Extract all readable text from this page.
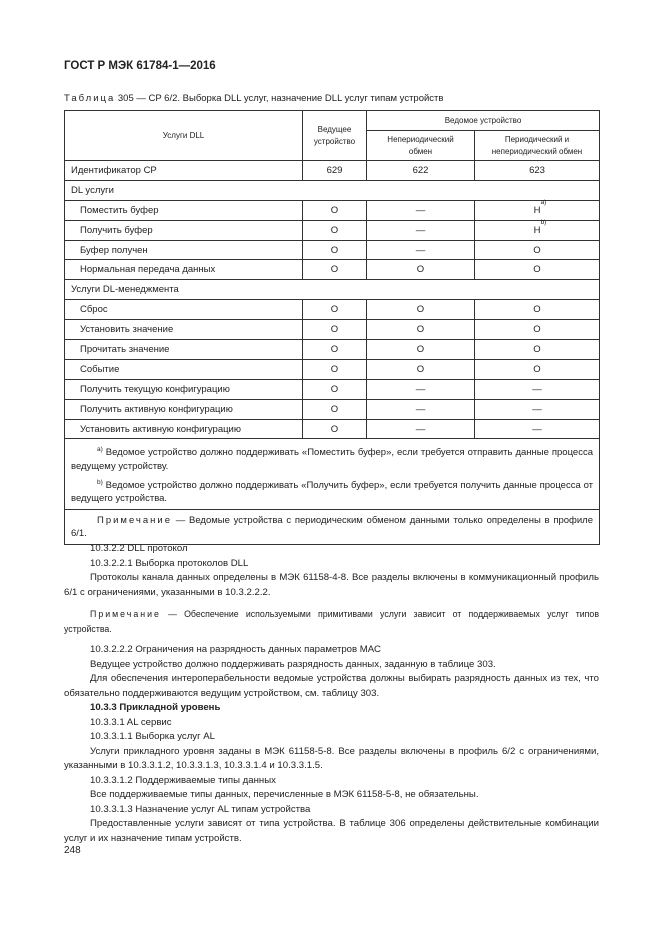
ГОСТ Р МЭК 61784-1—2016
Таблица 305 — CP 6/2. Выборка DLL услуг, назначение DLL услуг типам устройств
Услуги DLL	Ведущее устройство	Ведомое устройство	
		Непериодический обмен	Периодический и непериодический обмен
Идентификатор СР	629	622	623
DL услуги			
Поместить буфер	O	—	H
a)

Получить буфер	O	—	H
b)

Буфер получен	O	—	O
Нормальная передача данных	O	O	O
Услуги DL-менеджмента			
Сброс	O	O	O
Установить значение	O	O	O
Прочитать значение	O	O	O
Событие	O	O	O
Получить текущую конфигурацию	O	—	—
Получить активную конфигурацию	O	—	—
Установить активную конфигурацию	O	—	—

$^{a)}$ Ведомое устройство должно поддерживать «Поместить буфер», если требуется отправить данные процесса ведущему устройству.
$^{b)}$ Ведомое устройство должно поддерживать «Получить буфер», если требуется получить данные процесса от ведущего устройства.			

Примечание — Ведомые устройства с периодическим обменом данными только определены в профиле 6/1.			

10.3.2.2 DLL протокол

10.3.2.2.1 Выборка протоколов DLL

Протоколы канала данных определены в МЭК 61158-4-8. Все разделы включены в коммуникационный профиль 6/1 с ограничениями, указанными в 10.3.2.2.2.

Примечание — Обеспечение используемыми примитивами услуги зависит от поддерживаемых услуг типов устройства.

10.3.2.2.2 Ограничения на разрядность данных параметров МАС

Ведущее устройство должно поддерживать разрядность данных, заданную в таблице 303.

Для обеспечения интероперабельности ведомые устройства должны выбирать разрядность данных из тех, что обязательно поддерживаются ведущим устройством, см. таблицу 303.

10.3.3 Прикладной уровень

10.3.3.1 AL сервис

10.3.3.1.1 Выборка услуг AL

Услуги прикладного уровня заданы в МЭК 61158-5-8. Все разделы включены в профиль 6/2 с ограничениями, указанными в 10.3.3.1.2, 10.3.3.1.3, 10.3.3.1.4 и 10.3.3.1.5.

10.3.3.1.2 Поддерживаемые типы данных

Все поддерживаемые типы данных, перечисленные в МЭК 61158-5-8, не обязательны.

10.3.3.1.3 Назначение услуг AL типам устройства

Предоставленные услуги зависят от типа устройства. В таблице 306 определены действительные комбинации услуг и их назначение типам устройств.

248
